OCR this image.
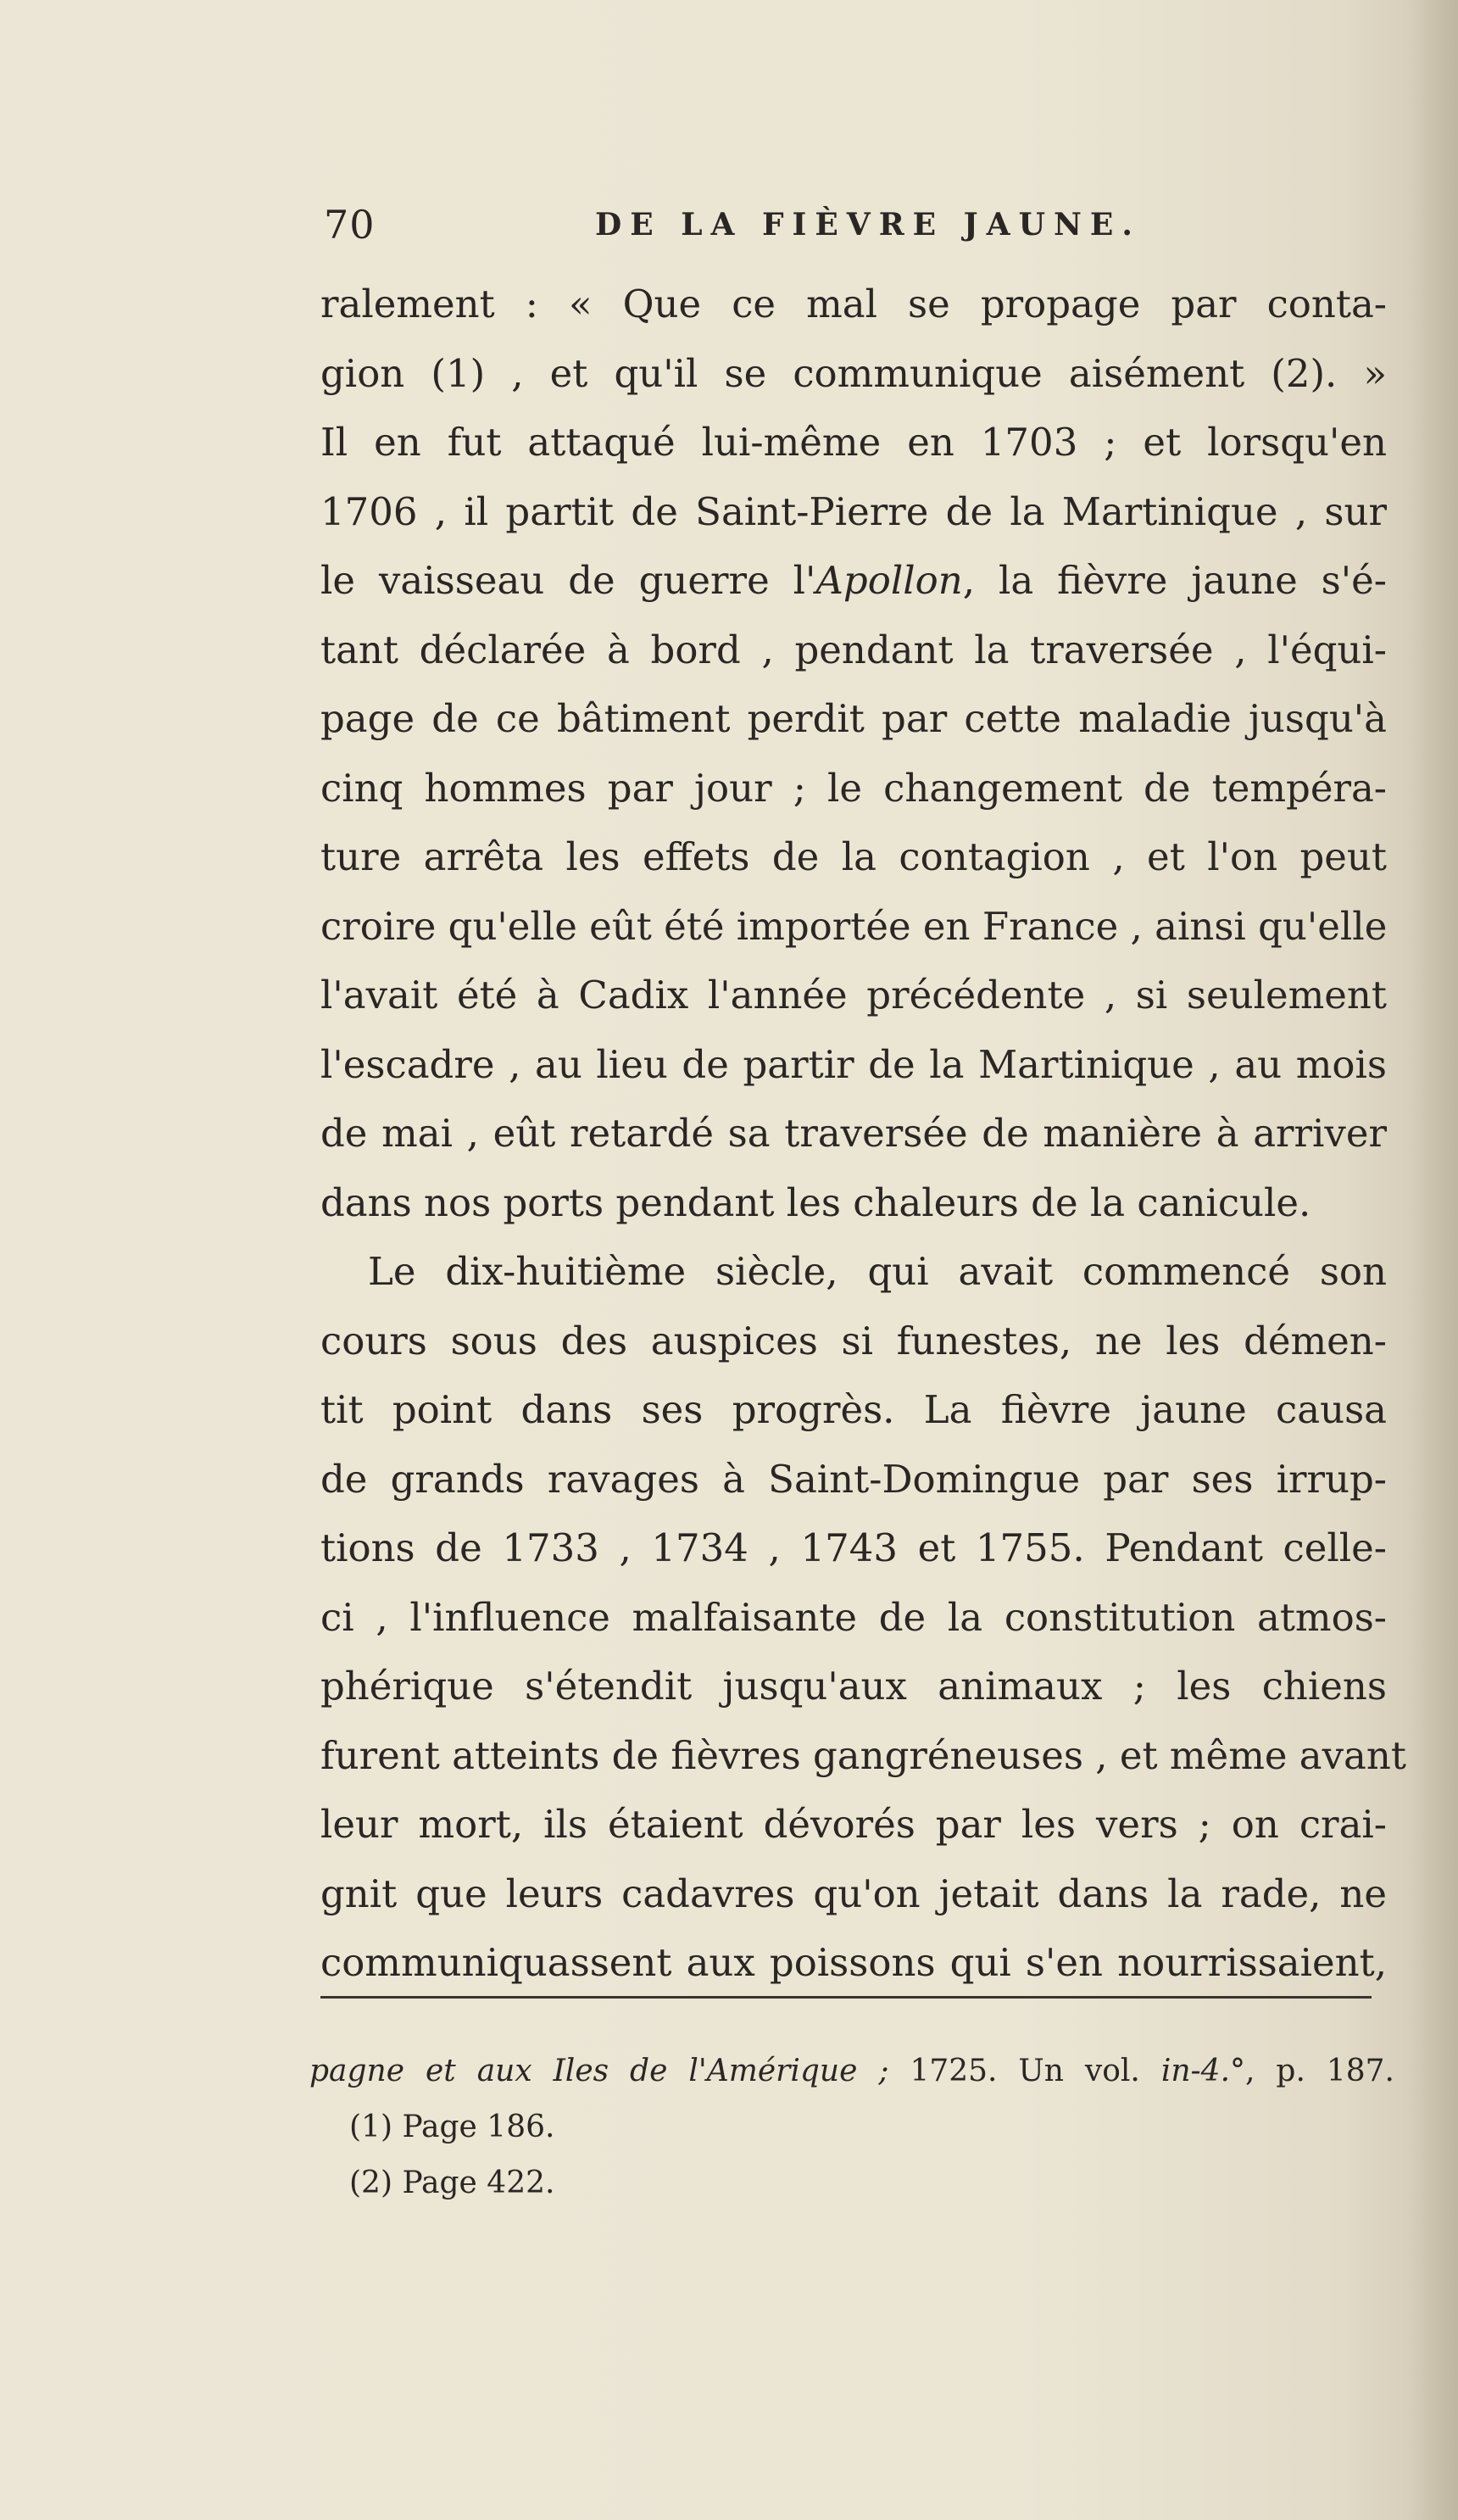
70	DE LA FIÈVRE JAUNE.
ralement : « Que ce mal se propage par conta-
gion (1) , et qu'il se communique aisément (2). »
Il en fut attaqué lui-même en 1703 ; et lorsqu'en
1706 , il partit de Saint-Pierre de la Martinique , sur
le vaisseau de guerre l'Apollon, la fièvre jaune s'é-
tant déclarée à bord , pendant la traversée , l'équi-
page de ce bâtiment perdit par cette maladie jusqu'à
cinq hommes par jour ; le changement de tempéra-
ture arrêta les effets de la contagion , et l'on peut
croire qu'elle eût été importée en France , ainsi qu'elle
l'avait été à Cadix l'année précédente , si seulement
l'escadre , au lieu de partir de la Martinique , au mois
de mai , eût retardé sa traversée de manière à arriver
dans nos ports pendant les chaleurs de la canicule.
Le dix-huitième siècle, qui avait commencé son
cours sous des auspices si funestes, ne les démen-
tit point dans ses progrès. La fièvre jaune causa
de grands ravages à Saint-Domingue par ses irrup-
tions de 1733 , 1734 , 1743 et 1755. Pendant celle-
ci , l'influence malfaisante de la constitution atmos-
phérique s'étendit jusqu'aux animaux ; les chiens
furent atteints de fièvres gangréneuses , et même avant
leur mort, ils étaient dévorés par les vers ; on crai-
gnit que leurs cadavres qu'on jetait dans la rade, ne
communiquassent aux poissons qui s'en nourrissaient,
pagne et aux Iles de l'Amérique ; 1725. Un vol. in-4.°, p. 187.
(1) Page 186.
(2) Page 422.
